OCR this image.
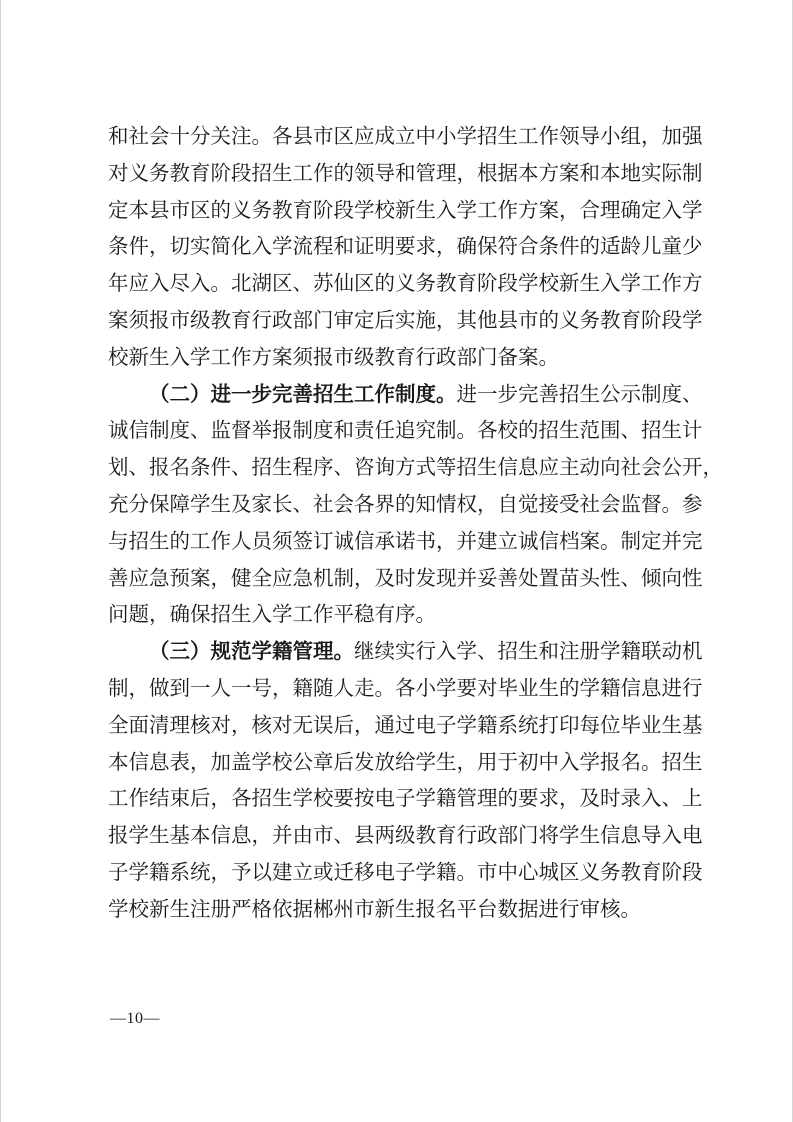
和社会十分关注。各县市区应成立中小学招生工作领导小组，加强
对义务教育阶段招生工作的领导和管理，根据本方案和本地实际制
定本县市区的义务教育阶段学校新生入学工作方案，合理确定入学
条件，切实简化入学流程和证明要求，确保符合条件的适龄儿童少
年应入尽入。北湖区、苏仙区的义务教育阶段学校新生入学工作方
案须报市级教育行政部门审定后实施，其他县市的义务教育阶段学
校新生入学工作方案须报市级教育行政部门备案。
（二）进一步完善招生工作制度。进一步完善招生公示制度、
诚信制度、监督举报制度和责任追究制。各校的招生范围、招生计
划、报名条件、招生程序、咨询方式等招生信息应主动向社会公开，
充分保障学生及家长、社会各界的知情权，自觉接受社会监督。参
与招生的工作人员须签订诚信承诺书，并建立诚信档案。制定并完
善应急预案，健全应急机制，及时发现并妥善处置苗头性、倾向性
问题，确保招生入学工作平稳有序。
（三）规范学籍管理。继续实行入学、招生和注册学籍联动机
制，做到一人一号，籍随人走。各小学要对毕业生的学籍信息进行
全面清理核对，核对无误后，通过电子学籍系统打印每位毕业生基
本信息表，加盖学校公章后发放给学生，用于初中入学报名。招生
工作结束后，各招生学校要按电子学籍管理的要求，及时录入、上
报学生基本信息，并由市、县两级教育行政部门将学生信息导入电
子学籍系统，予以建立或迁移电子学籍。市中心城区义务教育阶段
学校新生注册严格依据郴州市新生报名平台数据进行审核。
—10—
